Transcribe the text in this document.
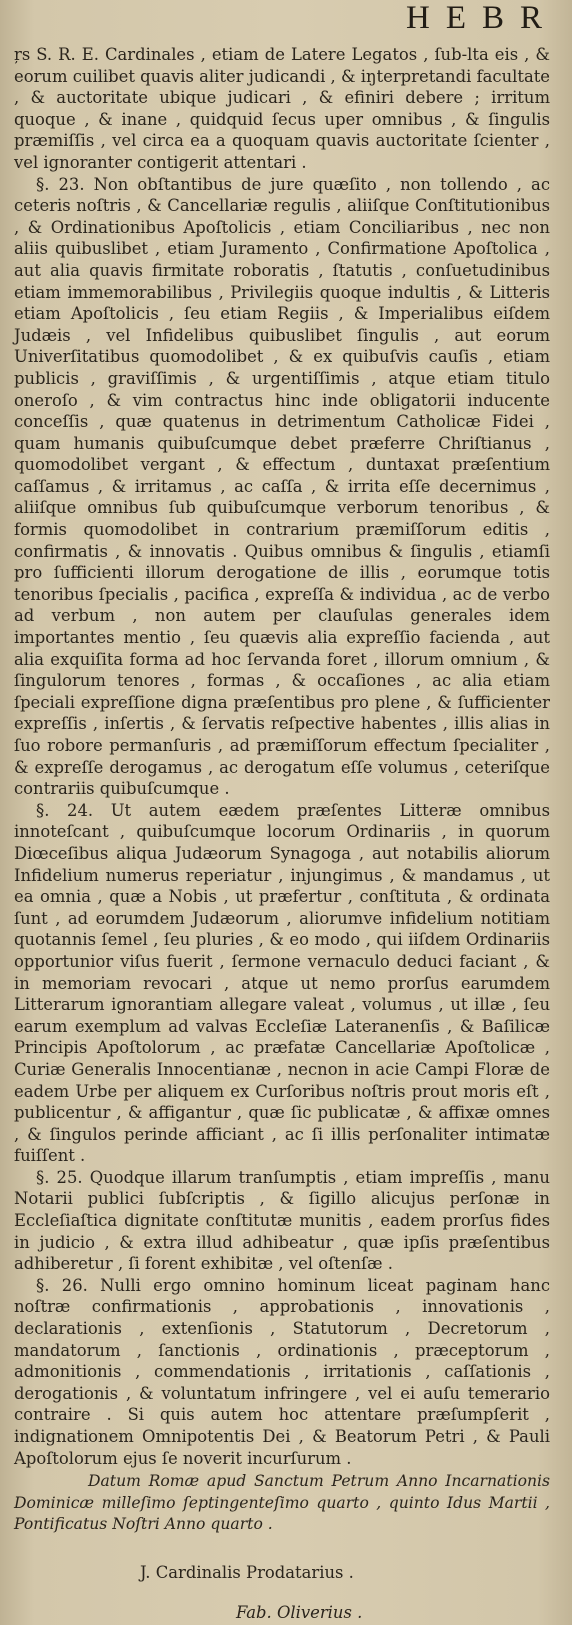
HEBR

ŗs S. R. E. Cardinales , etiam de Latere Legatos , ſub-lta eis , & eorum cuilibet quavis aliter judicandi , & iŋterpretandi facultate , & auctoritate ubique judicari , & efiniri debere ; irritum quoque , & inane , quidquid ſecus uper omnibus , & ſingulis præmiſſis , vel circa ea a quoquam quavis auctoritate ſcienter , vel ignoranter contigerit attentari .

§. 23. Non obſtantibus de jure quæſito , non tollendo , ac ceteris noſtris , & Cancellariæ regulis , aliiſque Conſtitutionibus , & Ordinationibus Apoſtolicis , etiam Conciliaribus , nec non aliis quibuslibet , etiam Juramento , Confirmatione Apoſtolica , aut alia quavis firmitate roboratis , ſtatutis , conſuetudinibus etiam immemorabilibus , Privilegiis quoque indultis , & Litteris etiam Apoſtolicis , ſeu etiam Regiis , & Imperialibus eiſdem Judæis , vel Infidelibus quibuslibet ſingulis , aut eorum Univerſitatibus quomodolibet , & ex quibuſvis cauſis , etiam publicis , graviſſimis , & urgentiſſimis , atque etiam titulo oneroſo , & vim contractus hinc inde obligatorii inducente conceſſis , quæ quatenus in detrimentum Catholicæ Fidei , quam humanis quibuſcumque debet præferre Chriſtianus , quomodolibet vergant , & effectum , duntaxat præſentium caſſamus , & irritamus , ac caſſa , & irrita eſſe decernimus , aliiſque omnibus ſub quibuſcumque verborum tenoribus , & formis quomodolibet in contrarium præmiſſorum editis , confirmatis , & innovatis . Quibus omnibus & ſingulis , etiamſi pro ſufficienti illorum derogatione de illis , eorumque totis tenoribus ſpecialis , pacifica , expreſſa & individua , ac de verbo ad verbum , non autem per clauſulas generales idem importantes mentio , ſeu quævis alia expreſſio facienda , aut alia exquiſita forma ad hoc ſervanda foret , illorum omnium , & ſingulorum tenores , formas , & occaſiones , ac alia etiam ſpeciali expreſſione digna præſentibus pro plene , & ſufficienter expreſſis , inſertis , & ſervatis reſpective habentes , illis alias in ſuo robore permanſuris , ad præmiſſorum effectum ſpecialiter , & expreſſe derogamus , ac derogatum eſſe volumus , ceteriſque contrariis quibuſcumque .

§. 24. Ut autem eædem præſentes Litteræ omnibus innoteſcant , quibuſcumque locorum Ordinariis , in quorum Diœceſibus aliqua Judæorum Synagoga , aut notabilis aliorum Infidelium numerus reperiatur , injungimus , & mandamus , ut ea omnia , quæ a Nobis , ut præfertur , conſtituta , & ordinata ſunt , ad eorumdem Judæorum , aliorumve infidelium notitiam quotannis ſemel , ſeu pluries , & eo modo , qui iiſdem Ordinariis opportunior viſus fuerit , ſermone vernaculo deduci faciant , & in memoriam revocari , atque ut nemo prorſus earumdem Litterarum ignorantiam allegare valeat , volumus , ut illæ , ſeu earum exemplum ad valvas Eccleſiæ Lateranenſis , & Baſilicæ Principis Apoſtolorum , ac præfatæ Cancellariæ Apoſtolicæ , Curiæ Generalis Innocentianæ , necnon in acie Campi Floræ de eadem Urbe per aliquem ex Curſoribus noſtris prout moris eſt , publicentur , & affigantur , quæ ſic publicatæ , & affixæ omnes , & ſingulos perinde afficiant , ac ſi illis perſonaliter intimatæ fuiſſent .

§. 25. Quodque illarum tranſumptis , etiam impreſſis , manu Notarii publici ſubſcriptis , & ſigillo alicujus perſonæ in Eccleſiaſtica dignitate conſtitutæ munitis , eadem prorſus fides in judicio , & extra illud adhibeatur , quæ ipſis præſentibus adhiberetur , ſi forent exhibitæ , vel oſtenſæ .

§. 26. Nulli ergo omnino hominum liceat paginam hanc noſtræ confirmationis , approbationis , innovationis , declarationis , extenſionis , Statutorum , Decretorum , mandatorum , ſanctionis , ordinationis , præceptorum , admonitionis , commendationis , irritationis , caſſationis , derogationis , & voluntatum infringere , vel ei auſu temerario contraire . Si quis autem hoc attentare præſumpſerit , indignationem Omnipotentis Dei , & Beatorum Petri , & Pauli Apoſtolorum ejus ſe noverit incurſurum .

Datum Romæ apud Sanctum Petrum Anno Incarnationis Dominicæ milleſimo ſeptingenteſimo quarto , quinto Idus Martii , Pontificatus Noſtri Anno quarto .

J. Cardinalis Prodatarius .
Fab. Oliverius .
